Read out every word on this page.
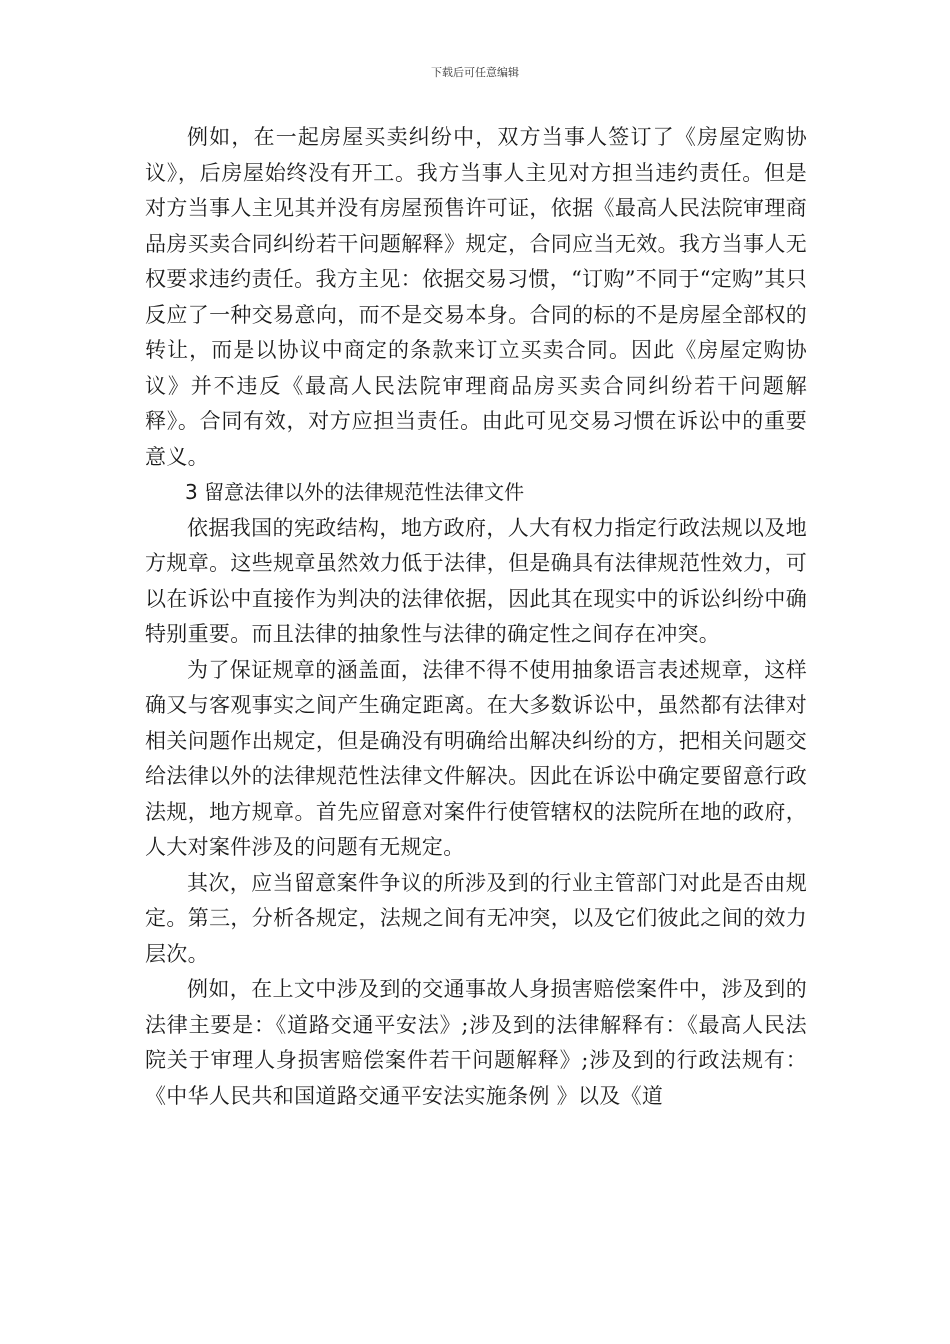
下载后可任意编辑

例如，在一起房屋买卖纠纷中，双方当事人签订了《房屋定购协议》，后房屋始终没有开工。我方当事人主见对方担当违约责任。但是对方当事人主见其并没有房屋预售许可证，依据《最高人民法院审理商品房买卖合同纠纷若干问题解释》规定，合同应当无效。我方当事人无权要求违约责任。我方主见：依据交易习惯，“订购”不同于“定购”其只反应了一种交易意向，而不是交易本身。合同的标的不是房屋全部权的转让，而是以协议中商定的条款来订立买卖合同。因此《房屋定购协议》并不违反《最高人民法院审理商品房买卖合同纠纷若干问题解释》。合同有效，对方应担当责任。由此可见交易习惯在诉讼中的重要意义。

3 留意法律以外的法律规范性法律文件

依据我国的宪政结构，地方政府，人大有权力指定行政法规以及地方规章。这些规章虽然效力低于法律，但是确具有法律规范性效力，可以在诉讼中直接作为判决的法律依据，因此其在现实中的诉讼纠纷中确特别重要。而且法律的抽象性与法律的确定性之间存在冲突。

为了保证规章的涵盖面，法律不得不使用抽象语言表述规章，这样确又与客观事实之间产生确定距离。在大多数诉讼中，虽然都有法律对相关问题作出规定，但是确没有明确给出解决纠纷的方，把相关问题交给法律以外的法律规范性法律文件解决。因此在诉讼中确定要留意行政法规，地方规章。首先应留意对案件行使管辖权的法院所在地的政府，人大对案件涉及的问题有无规定。

其次，应当留意案件争议的所涉及到的行业主管部门对此是否由规定。第三，分析各规定，法规之间有无冲突，以及它们彼此之间的效力层次。

例如，在上文中涉及到的交通事故人身损害赔偿案件中，涉及到的法律主要是：《道路交通平安法》;涉及到的法律解释有：《最高人民法院关于审理人身损害赔偿案件若干问题解释》;涉及到的行政法规有：《中华人民共和国道路交通平安法实施条例 》以及《道
